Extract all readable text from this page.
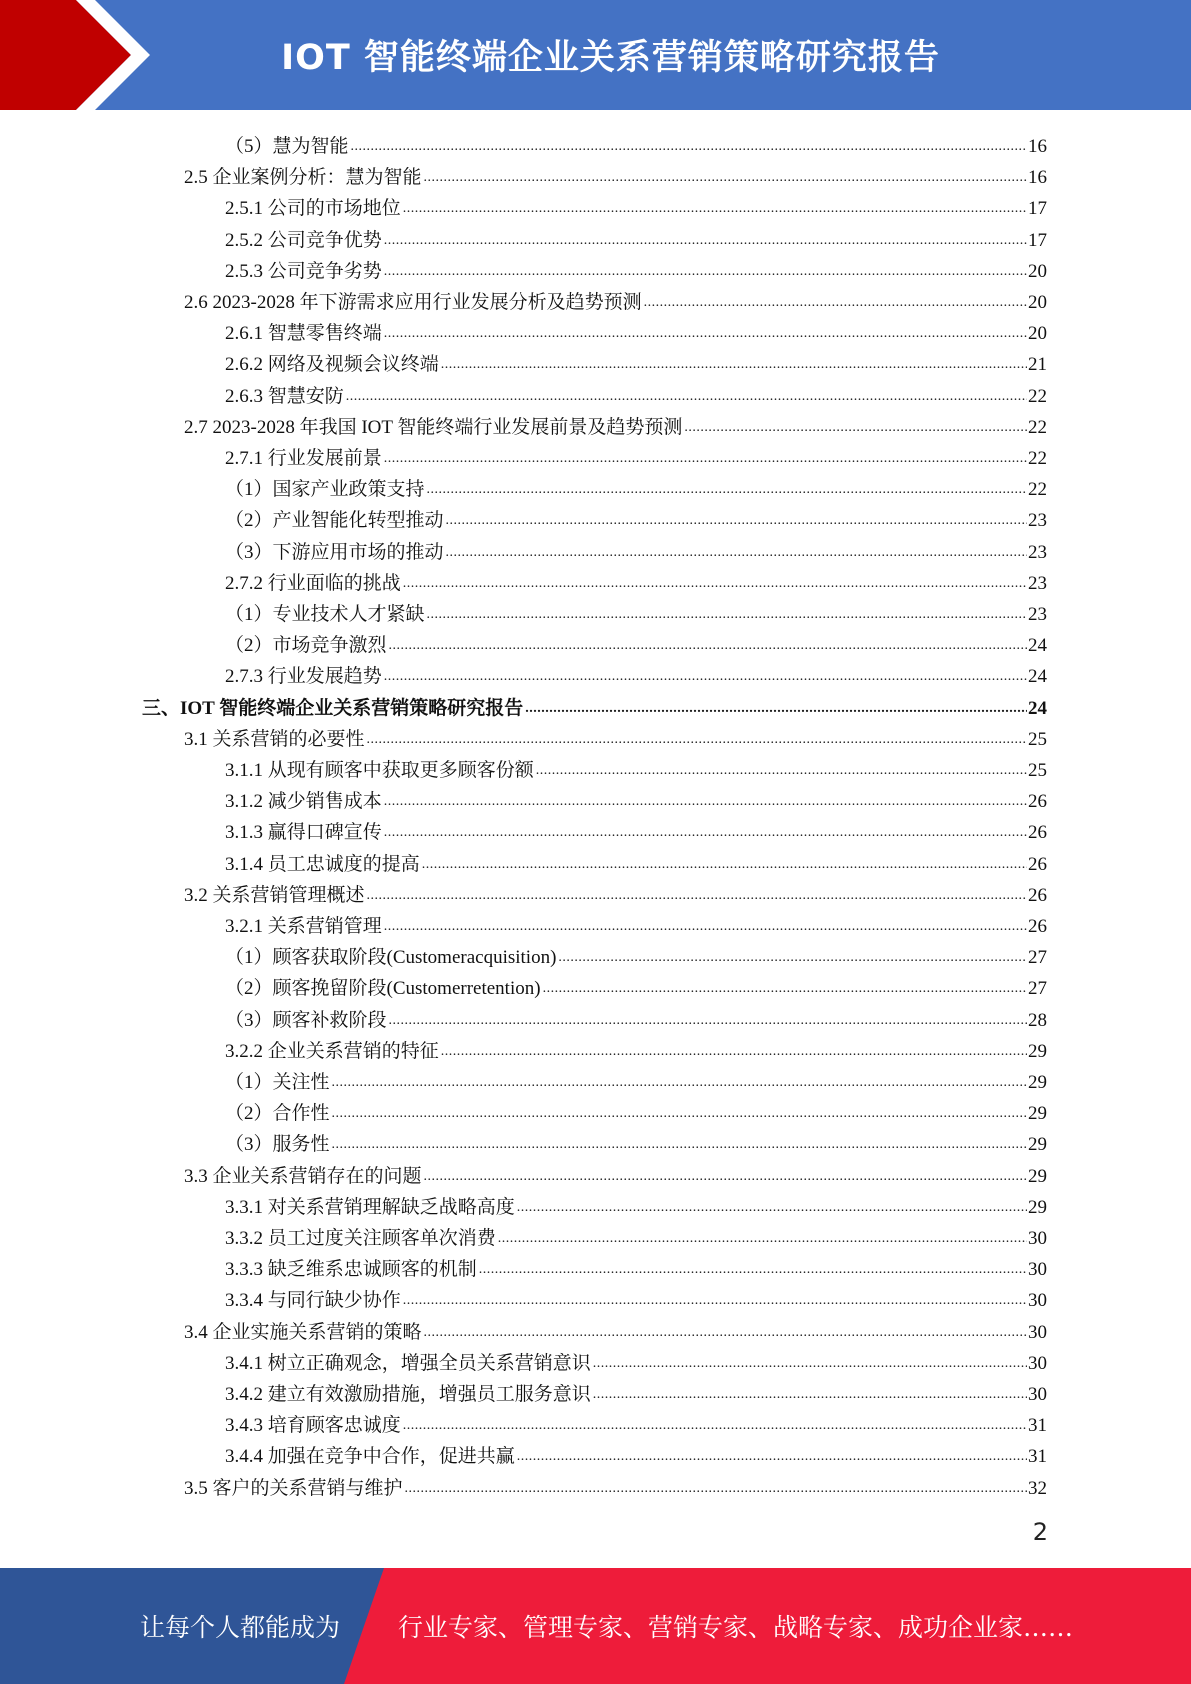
IOT 智能终端企业关系营销策略研究报告
（5）慧为智能 .....	16
2.5 企业案例分析：慧为智能 .....	16
2.5.1 公司的市场地位 .....	17
2.5.2 公司竞争优势 .....	17
2.5.3 公司竞争劣势 .....	20
2.6 2023-2028 年下游需求应用行业发展分析及趋势预测 .....	20
2.6.1 智慧零售终端 .....	20
2.6.2 网络及视频会议终端 .....	21
2.6.3 智慧安防 .....	22
2.7 2023-2028 年我国 IOT 智能终端行业发展前景及趋势预测 .....	22
2.7.1 行业发展前景 .....	22
（1）国家产业政策支持 .....	22
（2）产业智能化转型推动 .....	23
（3）下游应用市场的推动 .....	23
2.7.2 行业面临的挑战 .....	23
（1）专业技术人才紧缺 .....	23
（2）市场竞争激烈 .....	24
2.7.3 行业发展趋势 .....	24
三、IOT 智能终端企业关系营销策略研究报告 .....	24
3.1 关系营销的必要性 .....	25
3.1.1 从现有顾客中获取更多顾客份额 .....	25
3.1.2 减少销售成本 .....	26
3.1.3 赢得口碑宣传 .....	26
3.1.4 员工忠诚度的提高 .....	26
3.2 关系营销管理概述 .....	26
3.2.1 关系营销管理 .....	26
（1）顾客获取阶段(Customeracquisition) .....	27
（2）顾客挽留阶段(Customerretention) .....	27
（3）顾客补救阶段 .....	28
3.2.2 企业关系营销的特征 .....	29
（1）关注性 .....	29
（2）合作性 .....	29
（3）服务性 .....	29
3.3 企业关系营销存在的问题 .....	29
3.3.1 对关系营销理解缺乏战略高度 .....	29
3.3.2 员工过度关注顾客单次消费 .....	30
3.3.3 缺乏维系忠诚顾客的机制 .....	30
3.3.4 与同行缺少协作 .....	30
3.4 企业实施关系营销的策略 .....	30
3.4.1 树立正确观念，增强全员关系营销意识 .....	30
3.4.2 建立有效激励措施，增强员工服务意识 .....	30
3.4.3 培育顾客忠诚度 .....	31
3.4.4 加强在竞争中合作，促进共赢 .....	31
3.5 客户的关系营销与维护 .....	32
2
让每个人都能成为 行业专家、管理专家、营销专家、战略专家、成功企业家……
